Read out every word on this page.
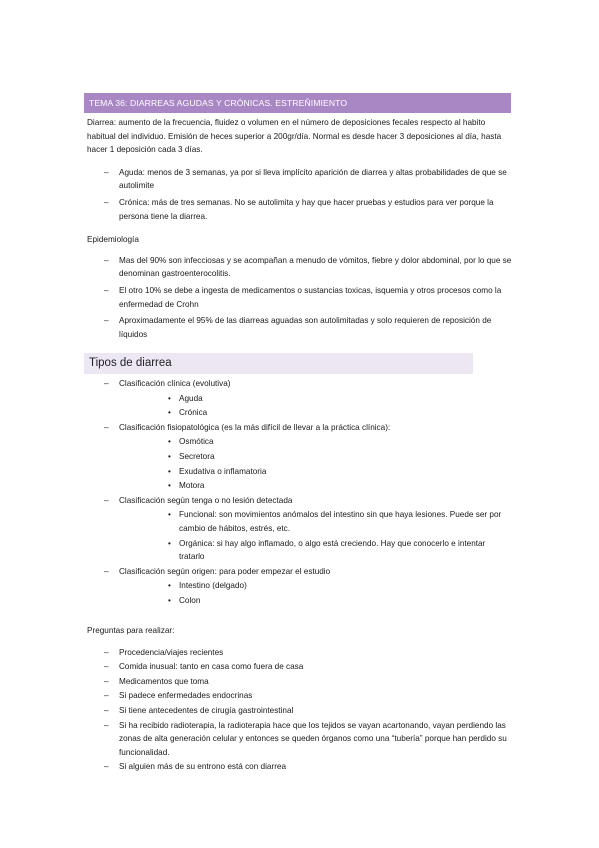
TEMA 36: DIARREAS AGUDAS Y CRÓNICAS. ESTREÑIMIENTO

Diarrea: aumento de la frecuencia, fluidez o volumen en el número de deposiciones fecales respecto al habito habitual del individuo. Emisión de heces superior a 200gr/día. Normal es desde hacer 3 deposiciones al día, hasta hacer 1 deposición cada 3 días.

– Aguda: menos de 3 semanas, ya por si lleva implícito aparición de diarrea y altas probabilidades de que se autolimite
– Crónica: más de tres semanas. No se autolimita y hay que hacer pruebas y estudios para ver porque la persona tiene la diarrea.

Epidemiología

– Mas del 90% son infecciosas y se acompañan a menudo de vómitos, fiebre y dolor abdominal, por lo que se denominan gastroenterocolitis.
– El otro 10% se debe a ingesta de medicamentos o sustancias toxicas, isquemia y otros procesos como la enfermedad de Crohn
– Aproximadamente el 95% de las diarreas aguadas son autolimitadas y solo requieren de reposición de líquidos
Tipos de diarrea
– Clasificación clínica (evolutiva)
• Aguda
• Crónica
– Clasificación fisiopatológica (es la más difícil de llevar a la práctica clínica):
• Osmótica
• Secretora
• Exudativa o inflamatoria
• Motora
– Clasificación según tenga o no lesión detectada
• Funcional: son movimientos anómalos del intestino sin que haya lesiones. Puede ser por cambio de hábitos, estrés, etc.
• Orgánica: si hay algo inflamado, o algo está creciendo. Hay que conocerlo e intentar tratarlo
– Clasificación según origen: para poder empezar el estudio
• Intestino (delgado)
• Colon

Preguntas para realizar:

– Procedencia/viajes recientes
– Comida inusual: tanto en casa como fuera de casa
– Medicamentos que toma
– Si padece enfermedades endocrinas
– Si tiene antecedentes de cirugía gastrointestinal
– Si ha recibido radioterapia, la radioterapia hace que los tejidos se vayan acartonando, vayan perdiendo las zonas de alta generación celular y entonces se queden órganos como una “tubería” porque han perdido su funcionalidad.
– Si alguien más de su entrono está con diarrea
